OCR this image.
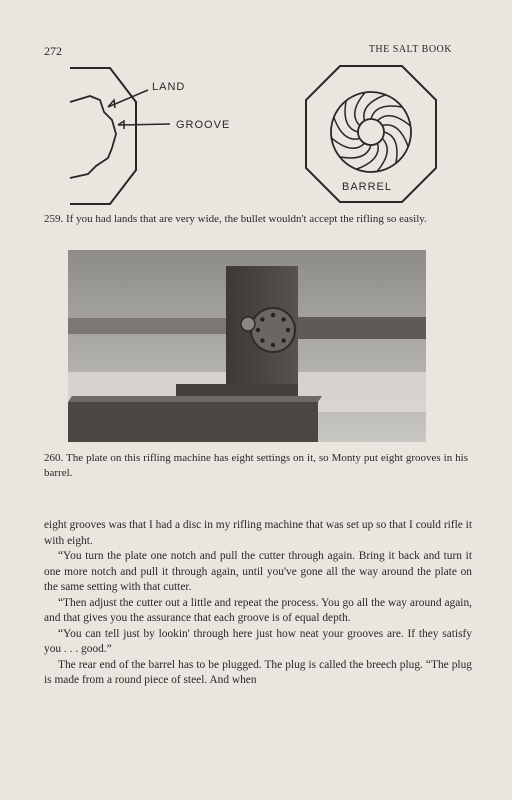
272	THE SALT BOOK
LAND
GROOVE
BARREL
259. If you had lands that are very wide, the bullet wouldn't accept the rifling so easily.
260. The plate on this rifling machine has eight settings on it, so Monty put eight grooves in his barrel.

eight grooves was that I had a disc in my rifling machine that was set up so that I could rifle it with eight.

“You turn the plate one notch and pull the cutter through again. Bring it back and turn it one more notch and pull it through again, until you've gone all the way around the plate on the same setting with that cutter.

“Then adjust the cutter out a little and repeat the process. You go all the way around again, and that gives you the assurance that each groove is of equal depth.

“You can tell just by lookin' through here just how neat your grooves are. If they satisfy you . . . good.”

The rear end of the barrel has to be plugged. The plug is called the breech plug. “The plug is made from a round piece of steel. And when
